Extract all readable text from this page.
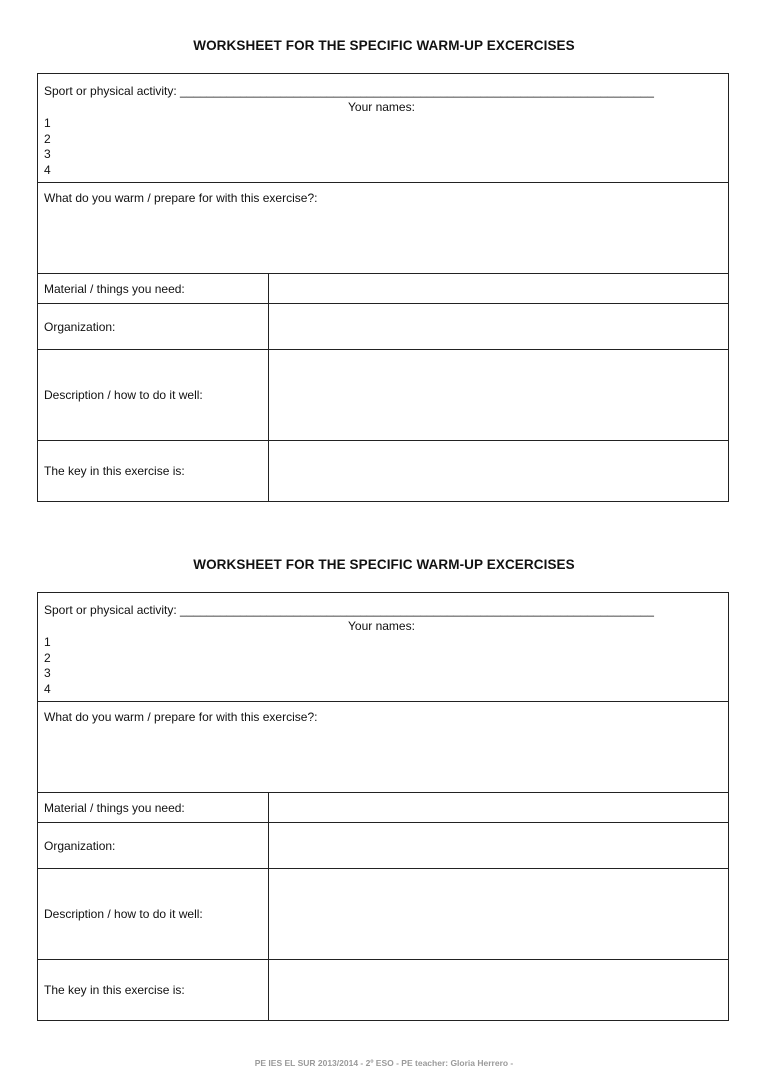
WORKSHEET FOR THE SPECIFIC WARM-UP EXCERCISES
Sport or physical activity: _______________________________________________________________________
Your names:
1
2
3
4
What do you warm / prepare for with this exercise?:
Material / things you need:
Organization:
Description / how to do it well:
The key in this exercise is:
WORKSHEET FOR THE SPECIFIC WARM-UP EXCERCISES
Sport or physical activity: _______________________________________________________________________
Your names:
1
2
3
4
What do you warm / prepare for with this exercise?:
Material / things you need:
Organization:
Description / how to do it well:
The key in this exercise is:
PE IES EL SUR 2013/2014 - 2º ESO - PE teacher: Gloria Herrero -
